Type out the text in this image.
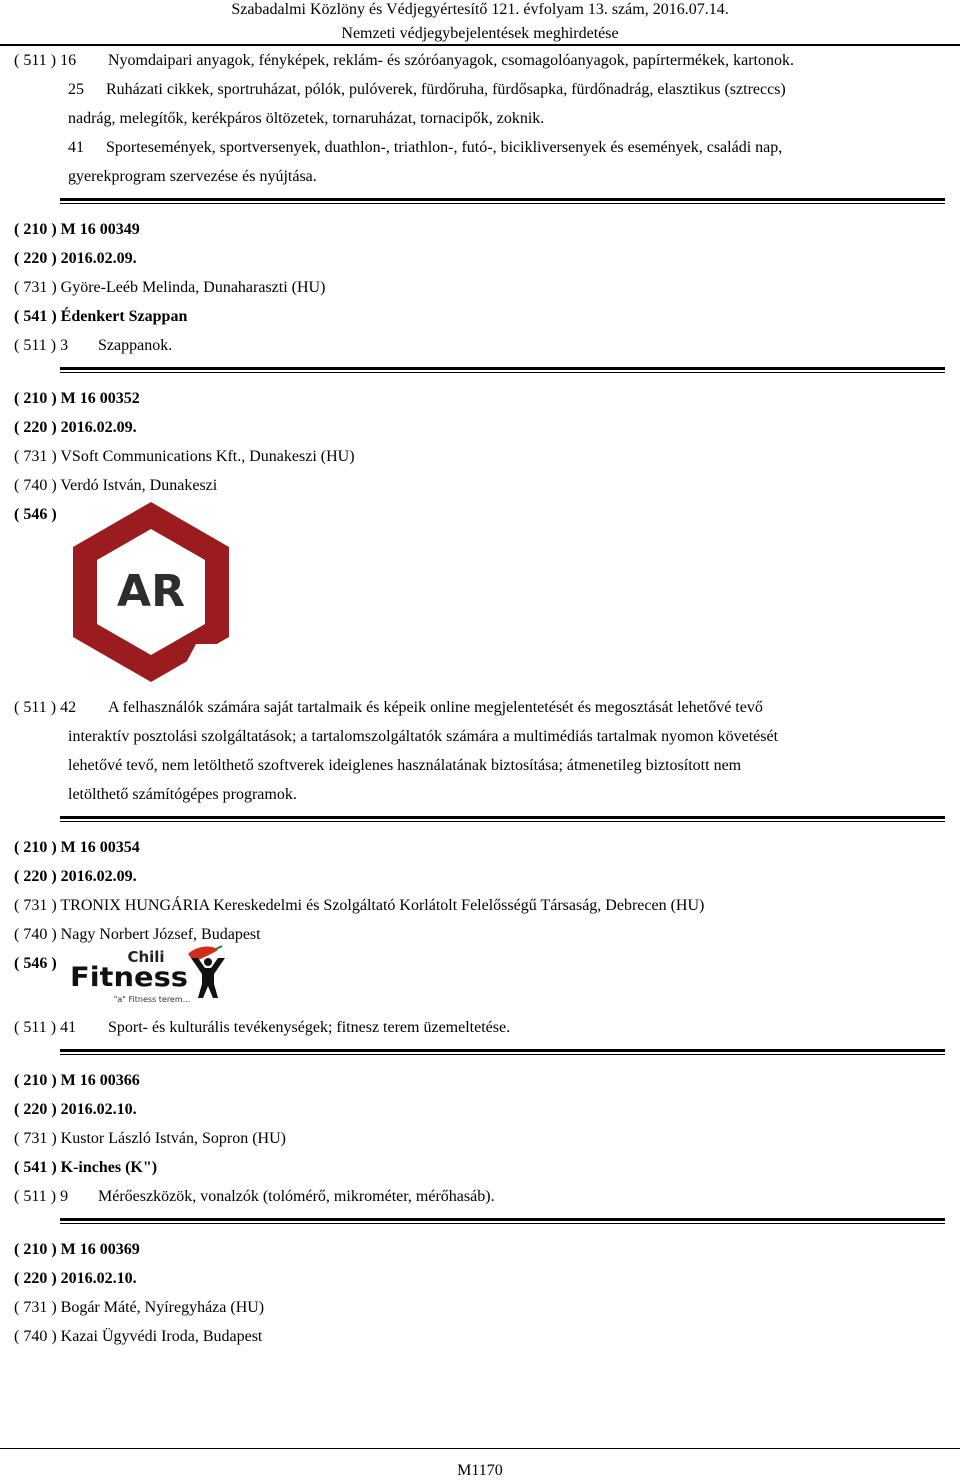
Szabadalmi Közlöny és Védjegyértesítő 121. évfolyam 13. szám, 2016.07.14.
Nemzeti védjegybejelentések meghirdetése
( 511 ) 16 Nyomdaipari anyagok, fényképek, reklám- és szóróanyagok, csomagolóanyagok, papírtermékek, kartonok.
25 Ruházati cikkek, sportruházat, pólók, pulóverek, fürdőruha, fürdősapka, fürdőnadrág, elasztikus (sztreccs)
nadrág, melegítők, kerékpáros öltözetek, tornaruházat, tornacipők, zoknik.
41 Sportesemények, sportversenyek, duathlon-, triathlon-, futó-, bicikliversenyek és események, családi nap,
gyerekprogram szervezése és nyújtása.
( 210 ) M 16 00349
( 220 ) 2016.02.09.
( 731 ) Györe-Leéb Melinda, Dunaharaszti (HU)
( 541 ) Édenkert Szappan
( 511 ) 3 Szappanok.
( 210 ) M 16 00352
( 220 ) 2016.02.09.
( 731 ) VSoft Communications Kft., Dunakeszi (HU)
( 740 ) Verdó István, Dunakeszi
( 546 )
AR
( 511 ) 42 A felhasználók számára saját tartalmaik és képeik online megjelentetését és megosztását lehetővé tevő
interaktív posztolási szolgáltatások; a tartalomszolgáltatók számára a multimédiás tartalmak nyomon követését
lehetővé tevő, nem letölthető szoftverek ideiglenes használatának biztosítása; átmenetileg biztosított nem
letölthető számítógépes programok.
( 210 ) M 16 00354
( 220 ) 2016.02.09.
( 731 ) TRONIX HUNGÁRIA Kereskedelmi és Szolgáltató Korlátolt Felelősségű Társaság, Debrecen (HU)
( 740 ) Nagy Norbert József, Budapest
( 546 )	Chili
Fitness
"a" Fitness terem...
( 511 ) 41 Sport- és kulturális tevékenységek; fitnesz terem üzemeltetése.
( 210 ) M 16 00366
( 220 ) 2016.02.10.
( 731 ) Kustor László István, Sopron (HU)
( 541 ) K-inches (K")
( 511 ) 9 Mérőeszközök, vonalzók (tolómérő, mikrométer, mérőhasáb).
( 210 ) M 16 00369
( 220 ) 2016.02.10.
( 731 ) Bogár Máté, Nyíregyháza (HU)
( 740 ) Kazai Ügyvédi Iroda, Budapest
M1170
